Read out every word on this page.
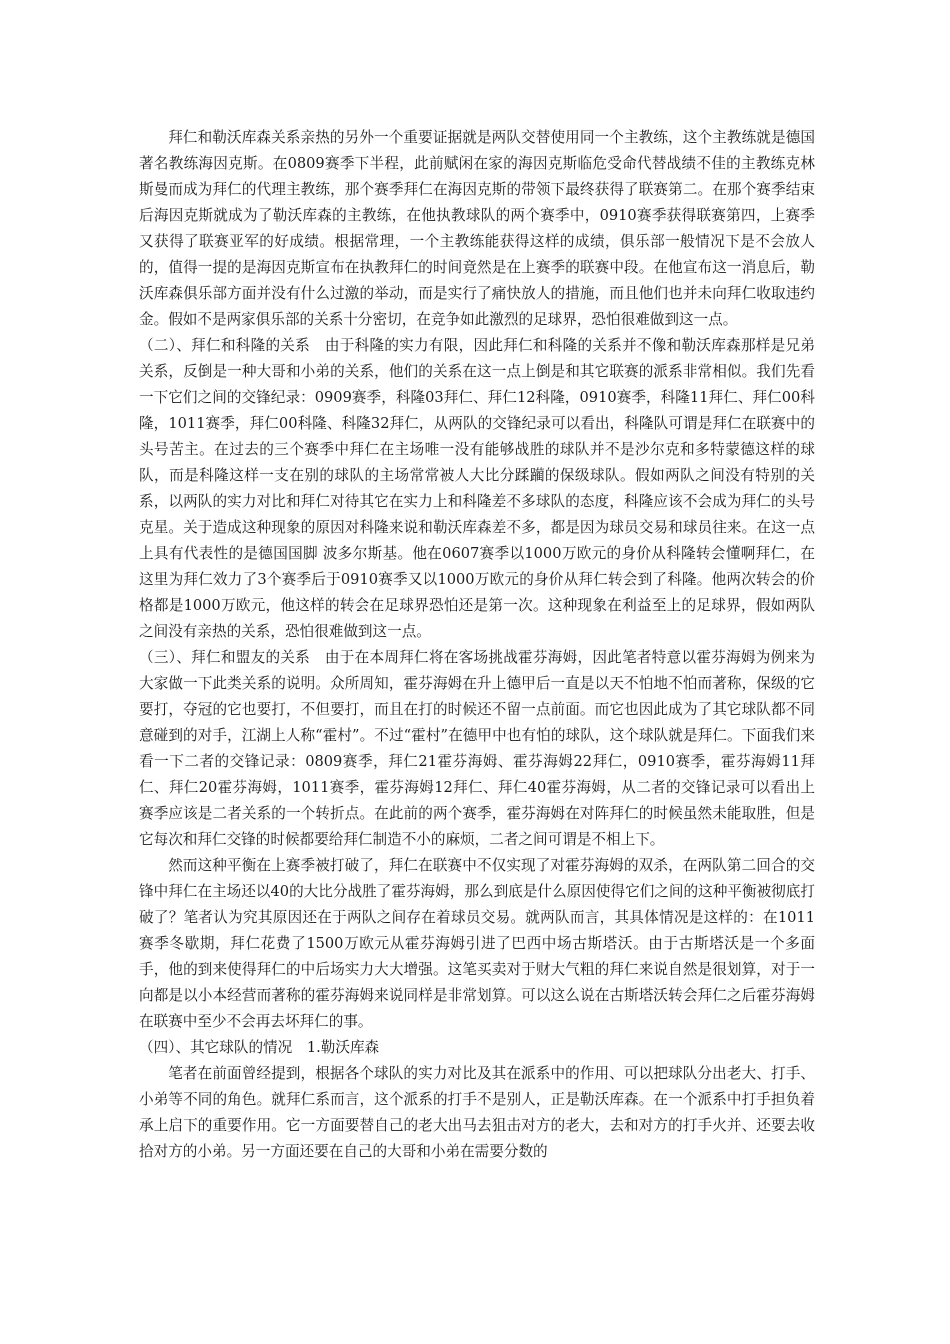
拜仁和勒沃库森关系亲热的另外一个重要证据就是两队交替使用同一个主教练，这个主教练就是德国著名教练海因克斯。在0809赛季下半程，此前赋闲在家的海因克斯临危受命代替战绩不佳的主教练克林斯曼而成为拜仁的代理主教练，那个赛季拜仁在海因克斯的带领下最终获得了联赛第二。在那个赛季结束后海因克斯就成为了勒沃库森的主教练，在他执教球队的两个赛季中，0910赛季获得联赛第四，上赛季又获得了联赛亚军的好成绩。根据常理，一个主教练能获得这样的成绩，俱乐部一般情况下是不会放人的，值得一提的是海因克斯宣布在执教拜仁的时间竟然是在上赛季的联赛中段。在他宣布这一消息后，勒沃库森俱乐部方面并没有什么过激的举动，而是实行了痛快放人的措施，而且他们也并未向拜仁收取违约金。假如不是两家俱乐部的关系十分密切，在竞争如此激烈的足球界，恐怕很难做到这一点。

（二）、拜仁和科隆的关系　由于科隆的实力有限，因此拜仁和科隆的关系并不像和勒沃库森那样是兄弟关系，反倒是一种大哥和小弟的关系，他们的关系在这一点上倒是和其它联赛的派系非常相似。我们先看一下它们之间的交锋纪录：0909赛季，科隆03拜仁、拜仁12科隆，0910赛季，科隆11拜仁、拜仁00科隆，1011赛季，拜仁00科隆、科隆32拜仁，从两队的交锋纪录可以看出，科隆队可谓是拜仁在联赛中的头号苦主。在过去的三个赛季中拜仁在主场唯一没有能够战胜的球队并不是沙尔克和多特蒙德这样的球队，而是科隆这样一支在别的球队的主场常常被人大比分蹂躏的保级球队。假如两队之间没有特别的关系，以两队的实力对比和拜仁对待其它在实力上和科隆差不多球队的态度，科隆应该不会成为拜仁的头号克星。关于造成这种现象的原因对科隆来说和勒沃库森差不多，都是因为球员交易和球员往来。在这一点上具有代表性的是德国国脚 波多尔斯基。他在0607赛季以1000万欧元的身价从科隆转会懂啊拜仁，在这里为拜仁效力了3个赛季后于0910赛季又以1000万欧元的身价从拜仁转会到了科隆。他两次转会的价格都是1000万欧元，他这样的转会在足球界恐怕还是第一次。这种现象在利益至上的足球界，假如两队之间没有亲热的关系，恐怕很难做到这一点。

（三）、拜仁和盟友的关系　由于在本周拜仁将在客场挑战霍芬海姆，因此笔者特意以霍芬海姆为例来为大家做一下此类关系的说明。众所周知，霍芬海姆在升上德甲后一直是以天不怕地不怕而著称，保级的它要打，夺冠的它也要打，不但要打，而且在打的时候还不留一点前面。而它也因此成为了其它球队都不同意碰到的对手，江湖上人称“霍村”。不过“霍村”在德甲中也有怕的球队，这个球队就是拜仁。下面我们来看一下二者的交锋记录：0809赛季，拜仁21霍芬海姆、霍芬海姆22拜仁，0910赛季，霍芬海姆11拜仁、拜仁20霍芬海姆，1011赛季，霍芬海姆12拜仁、拜仁40霍芬海姆，从二者的交锋记录可以看出上赛季应该是二者关系的一个转折点。在此前的两个赛季，霍芬海姆在对阵拜仁的时候虽然未能取胜，但是它每次和拜仁交锋的时候都要给拜仁制造不小的麻烦，二者之间可谓是不相上下。

然而这种平衡在上赛季被打破了，拜仁在联赛中不仅实现了对霍芬海姆的双杀，在两队第二回合的交锋中拜仁在主场还以40的大比分战胜了霍芬海姆，那么到底是什么原因使得它们之间的这种平衡被彻底打破了？笔者认为究其原因还在于两队之间存在着球员交易。就两队而言，其具体情况是这样的：在1011赛季冬歇期，拜仁花费了1500万欧元从霍芬海姆引进了巴西中场古斯塔沃。由于古斯塔沃是一个多面手，他的到来使得拜仁的中后场实力大大增强。这笔买卖对于财大气粗的拜仁来说自然是很划算，对于一向都是以小本经营而著称的霍芬海姆来说同样是非常划算。可以这么说在古斯塔沃转会拜仁之后霍芬海姆在联赛中至少不会再去坏拜仁的事。

（四）、其它球队的情况　1.勒沃库森

笔者在前面曾经提到，根据各个球队的实力对比及其在派系中的作用、可以把球队分出老大、打手、小弟等不同的角色。就拜仁系而言，这个派系的打手不是别人，正是勒沃库森。在一个派系中打手担负着承上启下的重要作用。它一方面要替自己的老大出马去狙击对方的老大，去和对方的打手火并、还要去收拾对方的小弟。另一方面还要在自己的大哥和小弟在需要分数的
